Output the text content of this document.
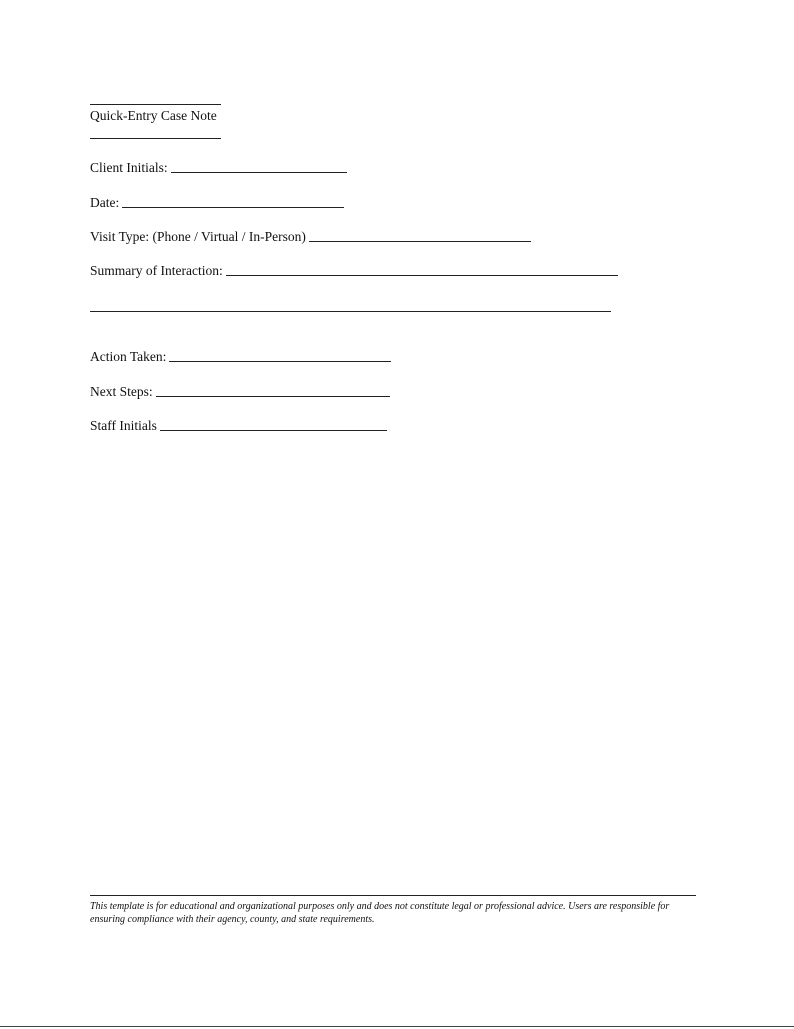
Quick-Entry Case Note
Client Initials:
Date:
Visit Type: (Phone / Virtual / In-Person)
Summary of Interaction:
Action Taken:
Next Steps:
Staff Initials
This template is for educational and organizational purposes only and does not constitute legal or professional advice. Users are responsible for ensuring compliance with their agency, county, and state requirements.
